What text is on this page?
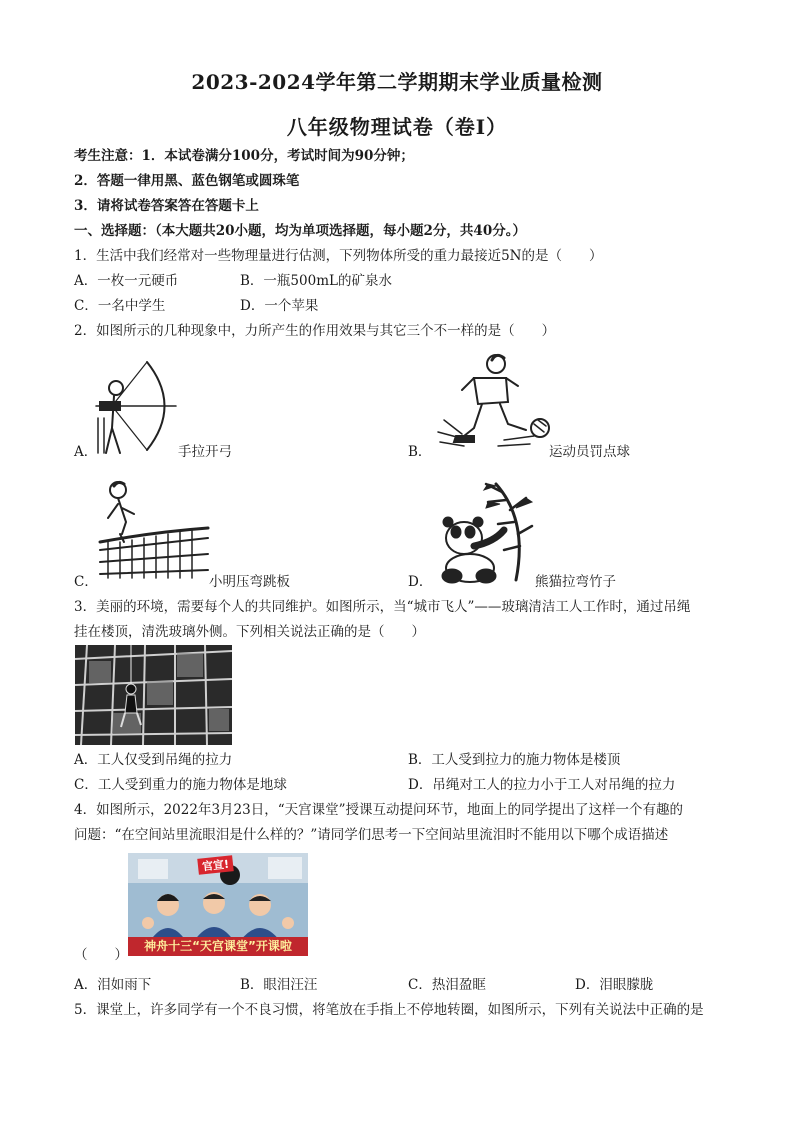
2023-2024学年第二学期期末学业质量检测
八年级物理试卷（卷Ⅰ）
考生注意：1．本试卷满分100分，考试时间为90分钟；
2．答题一律用黑、蓝色钢笔或圆珠笔
3．请将试卷答案答在答题卡上
一、选择题：（本大题共20小题，均为单项选择题，每小题2分，共40分。）
1．生活中我们经常对一些物理量进行估测，下列物体所受的重力最接近5N的是（　　）
A．一枚一元硬币	B．一瓶500mL的矿泉水
C．一名中学生	D．一个苹果
2．如图所示的几种现象中，力所产生的作用效果与其它三个不一样的是（　　）
A．	手拉开弓	B．	运动员罚点球
C．	小明压弯跳板	D．	熊猫拉弯竹子
3．美丽的环境，需要每个人的共同维护。如图所示，当“城市飞人”——玻璃清洁工人工作时，通过吊绳
挂在楼顶，清洗玻璃外侧。下列相关说法正确的是（　　）
A．工人仅受到吊绳的拉力	B．工人受到拉力的施力物体是楼顶
C．工人受到重力的施力物体是地球	D．吊绳对工人的拉力小于工人对吊绳的拉力
4．如图所示，2022年3月23日，“天宫课堂”授课互动提问环节，地面上的同学提出了这样一个有趣的
问题：“在空间站里流眼泪是什么样的？”请同学们思考一下空间站里流泪时不能用以下哪个成语描述
官宣!
神舟十三“天宫课堂”开课啦
（　　）
A．泪如雨下	B．眼泪汪汪	C．热泪盈眶	D．泪眼朦胧
5．课堂上，许多同学有一个不良习惯，将笔放在手指上不停地转圈，如图所示，下列有关说法中正确的是
